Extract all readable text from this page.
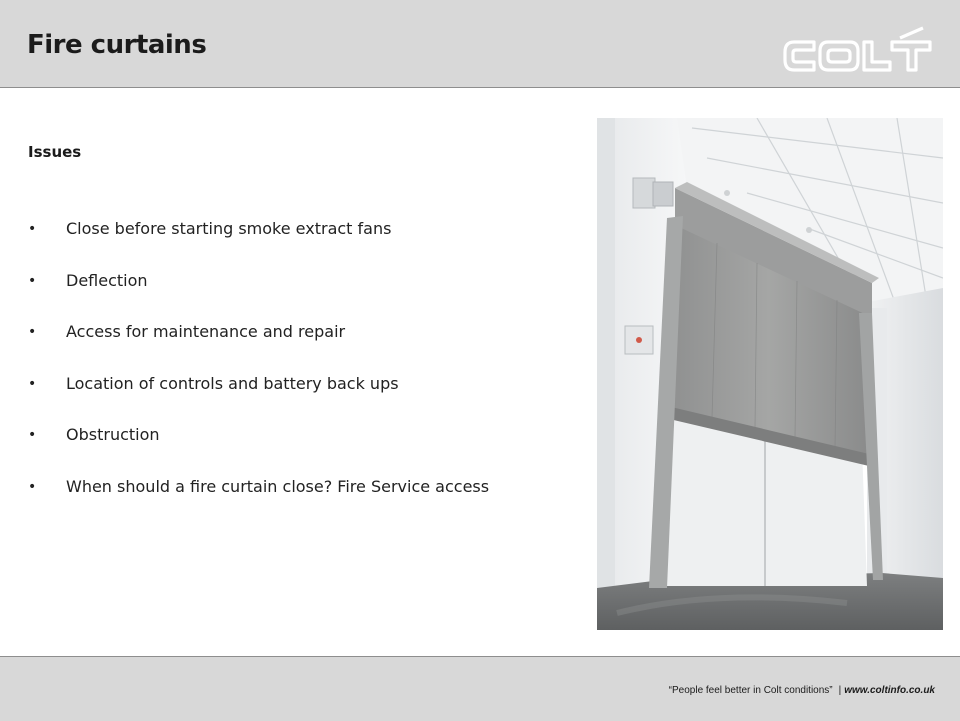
Fire curtains
Issues
• Close before starting smoke extract fans
• Deflection
• Access for maintenance and repair
• Location of controls and battery back ups
• Obstruction
• When should a fire curtain close? Fire Service access
“People feel better in Colt conditions” | www.coltinfo.co.uk
